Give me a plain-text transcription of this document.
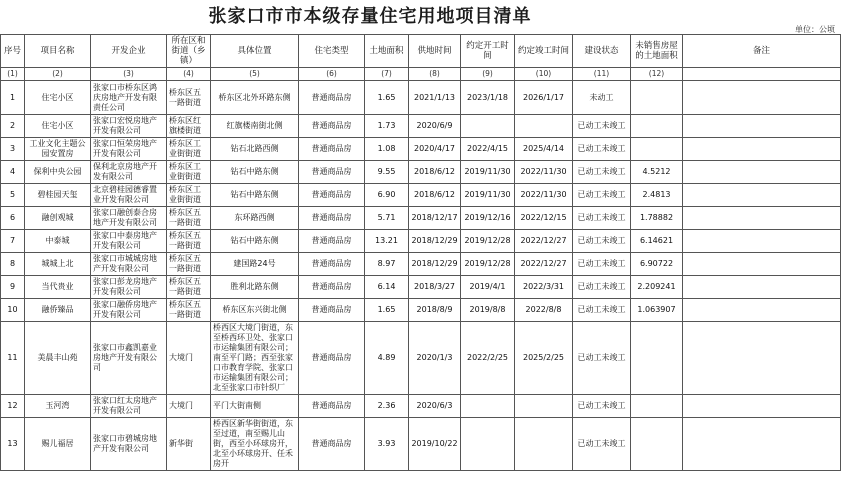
张家口市市本级存量住宅用地项目清单
单位：公顷
序号	项目名称	开发企业	所在区和街道（乡镇）	具体位置	住宅类型	土地面积	供地时间	约定开工时间	约定竣工时间	建设状态	未销售房屋的土地面积	备注
(1)	(2)	(3)	(4)	(5)	(6)	(7)	(8)	(9)	(10)	(11)	(12)	
1	住宅小区	张家口市桥东区鸿庆房地产开发有限责任公司	桥东区五一路街道	桥东区北外环路东侧	普通商品房	1.65	2021/1/13	2023/1/18	2026/1/17	未动工		
2	住宅小区	张家口宏悦房地产开发有限公司	桥东区红旗楼街道	红旗楼南街北侧	普通商品房	1.73	2020/6/9			已动工未竣工		
3	工业文化主题公园安置房	张家口恒荣房地产开发有限公司	桥东区工业街街道	钻石北路西侧	普通商品房	1.08	2020/4/17	2022/4/15	2025/4/14	已动工未竣工		
4	保利中央公园	保利北京房地产开发有限公司	桥东区工业街街道	钻石中路东侧	普通商品房	9.55	2018/6/12	2019/11/30	2022/11/30	已动工未竣工	4.5212	
5	碧桂园天玺	北京碧桂园德睿置业开发有限公司	桥东区工业街街道	钻石中路东侧	普通商品房	6.90	2018/6/12	2019/11/30	2022/11/30	已动工未竣工	2.4813	
6	融创观城	张家口融创泰合房地产开发有限公司	桥东区五一路街道	东环路西侧	普通商品房	5.71	2018/12/17	2019/12/16	2022/12/15	已动工未竣工	1.78882	
7	中泰城	张家口中泰房地产开发有限公司	桥东区五一路街道	钻石中路东侧	普通商品房	13.21	2018/12/29	2019/12/28	2022/12/27	已动工未竣工	6.14621	
8	城城上北	张家口市城城房地产开发有限公司	桥东区五一路街道	建国路24号	普通商品房	8.97	2018/12/29	2019/12/28	2022/12/27	已动工未竣工	6.90722	
9	当代贵业	张家口彭龙房地产开发有限公司	桥东区五一路街道	胜利北路东侧	普通商品房	6.14	2018/3/27	2019/4/1	2022/3/31	已动工未竣工	2.209241	
10	融侨臻品	张家口融侨房地产开发有限公司	桥东区五一路街道	桥东区东兴街北侧	普通商品房	1.65	2018/8/9	2019/8/8	2022/8/8	已动工未竣工	1.063907	
11	美晨丰山苑	张家口市鑫凯嘉业房地产开发有限公司	大境门	桥西区大境门街道，东至桥西环卫处、张家口市运输集团有限公司；南至平门路；西至张家口市教育学院、张家口市运输集团有限公司；北至张家口市针织厂	普通商品房	4.89	2020/1/3	2022/2/25	2025/2/25	已动工未竣工		
12	玉河湾	张家口红太房地产开发有限公司	大境门	平门大街南侧	普通商品房	2.36	2020/6/3			已动工未竣工		
13	赐儿福居	张家口市碧城房地产开发有限公司	新华街	桥西区新华街街道，东至过道，南至赐儿山街，西至小环球房开，北至小环球房开、任禾房开	普通商品房	3.93	2019/10/22			已动工未竣工		
